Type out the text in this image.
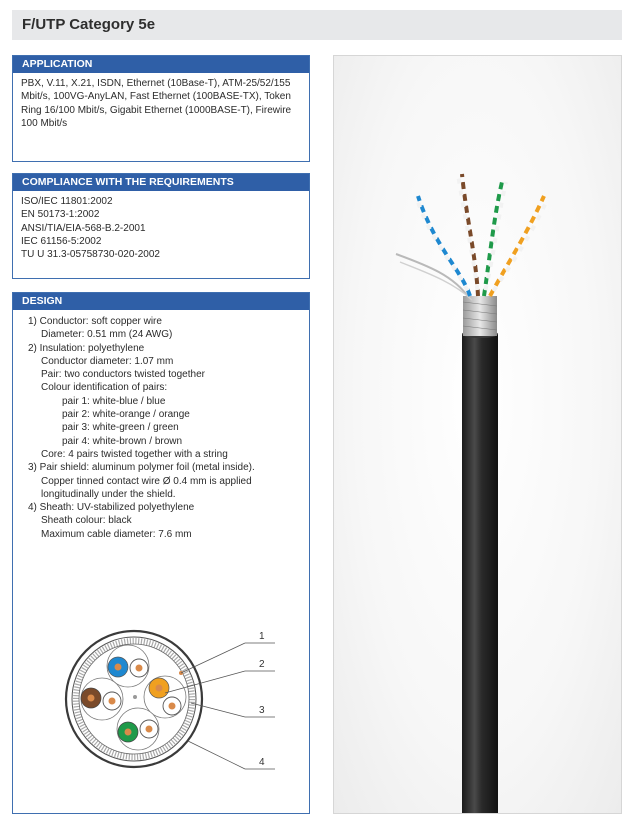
F/UTP Category 5e
APPLICATION
PBX, V.11, X.21, ISDN, Ethernet (10Base-T), ATM-25/52/155
Mbit/s, 100VG-AnyLAN, Fast Ethernet (100BASE-TX), Token
Ring 16/100 Mbit/s, Gigabit Ethernet (1000BASE-T), Firewire
100 Mbit/s
COMPLIANCE WITH THE REQUIREMENTS
ISO/IEC 11801:2002
EN 50173-1:2002
ANSI/TIA/EIA-568-B.2-2001
IEC 61156-5:2002
TU U 31.3-05758730-020-2002
DESIGN
1) Conductor: soft copper wire
Diameter: 0.51 mm (24 AWG)
2) Insulation: polyethylene
Conductor diameter: 1.07 mm
Pair: two conductors twisted together
Colour identification of pairs:
pair 1: white-blue / blue
pair 2: white-orange / orange
pair 3: white-green / green
pair 4: white-brown / brown
Core: 4 pairs twisted together with a string
3) Pair shield: aluminum polymer foil (metal inside).
Copper tinned contact wire Ø 0.4 mm is applied
longitudinally under the shield.
4) Sheath: UV-stabilized polyethylene
Sheath colour: black
Maximum cable diameter: 7.6 mm
1
2
3
4
